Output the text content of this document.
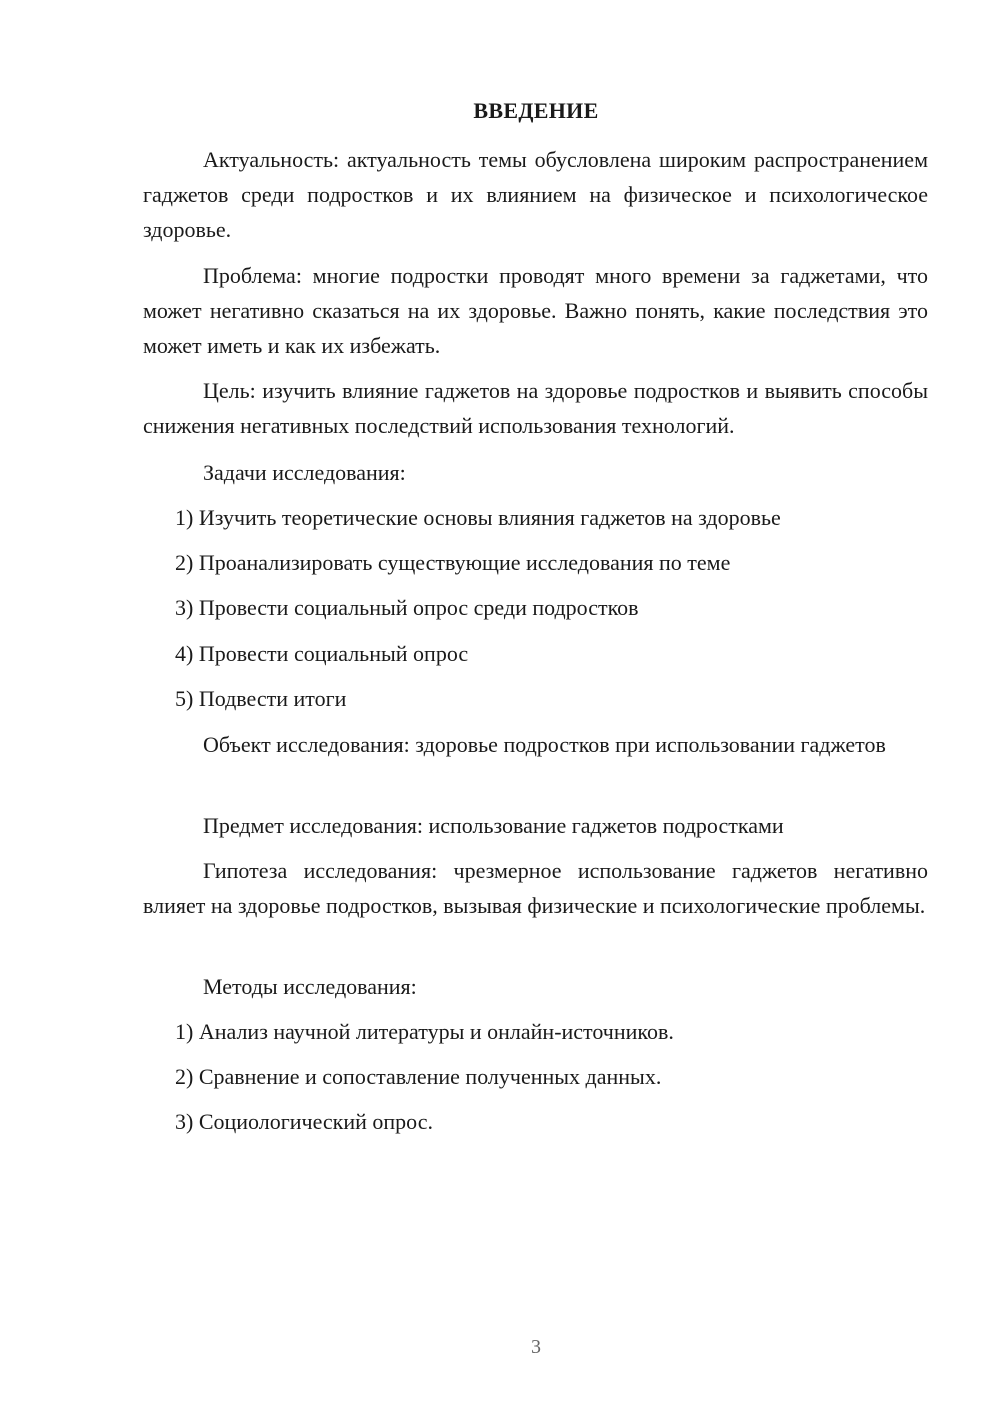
ВВЕДЕНИЕ

Актуальность: актуальность темы обусловлена широким распространением гаджетов среди подростков и их влиянием на физическое и психологическое здоровье.

Проблема: многие подростки проводят много времени за гаджетами, что может негативно сказаться на их здоровье. Важно понять, какие последствия это может иметь и как их избежать.

Цель: изучить влияние гаджетов на здоровье подростков и выявить способы снижения негативных последствий использования технологий.

Задачи исследования:

1) Изучить теоретические основы влияния гаджетов на здоровье

2) Проанализировать существующие исследования по теме

3) Провести социальный опрос среди подростков

4) Провести социальный опрос

5) Подвести итоги

Объект исследования: здоровье подростков при использовании гаджетов

Предмет исследования: использование гаджетов подростками

Гипотеза исследования: чрезмерное использование гаджетов негативно влияет на здоровье подростков, вызывая физические и психологические проблемы.

Методы исследования:

1) Анализ научной литературы и онлайн-источников.

2) Сравнение и сопоставление полученных данных.

3) Социологический опрос.

3
